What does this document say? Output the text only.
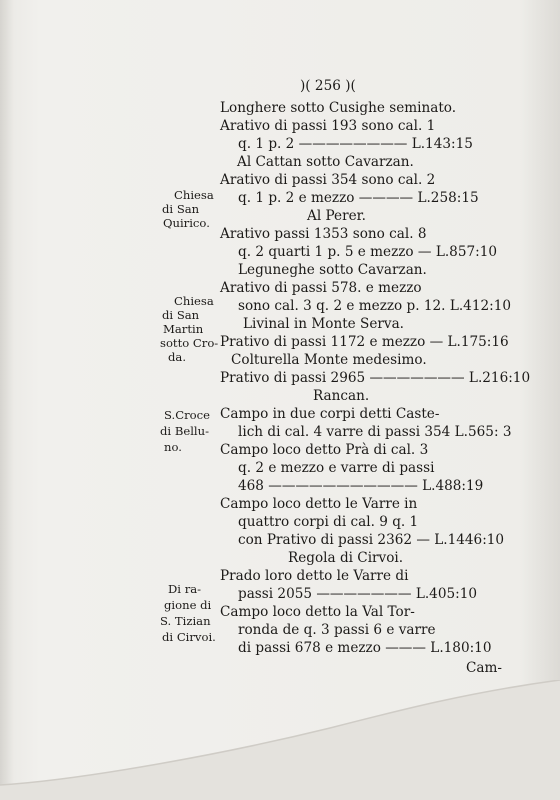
)( 256 )(
Longhere sotto Cusighe seminato.
Arativo di passi 193 sono cal. 1
q. 1 p. 2 ———————— L.143:15
Al Cattan sotto Cavarzan.
Arativo di passi 354 sono cal. 2
q. 1 p. 2 e mezzo ———— L.258:15
Al Perer.
Arativo passi 1353 sono cal. 8
q. 2 quarti 1 p. 5 e mezzo — L.857:10
Leguneghe sotto Cavarzan.
Arativo di passi 578. e mezzo
sono cal. 3 q. 2 e mezzo p. 12. L.412:10
Livinal in Monte Serva.
Prativo di passi 1172 e mezzo — L.175:16
Colturella Monte medesimo.
Prativo di passi 2965 ——————— L.216:10
Rancan.
Campo in due corpi detti Caste-
lich di cal. 4 varre di passi 354 L.565: 3
Campo loco detto Prà di cal. 3
q. 2 e mezzo e varre di passi
468 ——————————— L.488:19
Campo loco detto le Varre in
quattro corpi di cal. 9 q. 1
con Prativo di passi 2362 — L.1446:10
Regola di Cirvoi.
Prado loro detto le Varre di
passi 2055 ——————— L.405:10
Campo loco detto la Val Tor-
ronda de q. 3 passi 6 e varre
di passi 678 e mezzo ——— L.180:10
Cam-
Chiesa
di San
Quirico.
Chiesa
di San
Martin
sotto Cro-
da.
S.Croce
di Bellu-
no.
Di ra-
gione di
S. Tizian
di Cirvoi.
